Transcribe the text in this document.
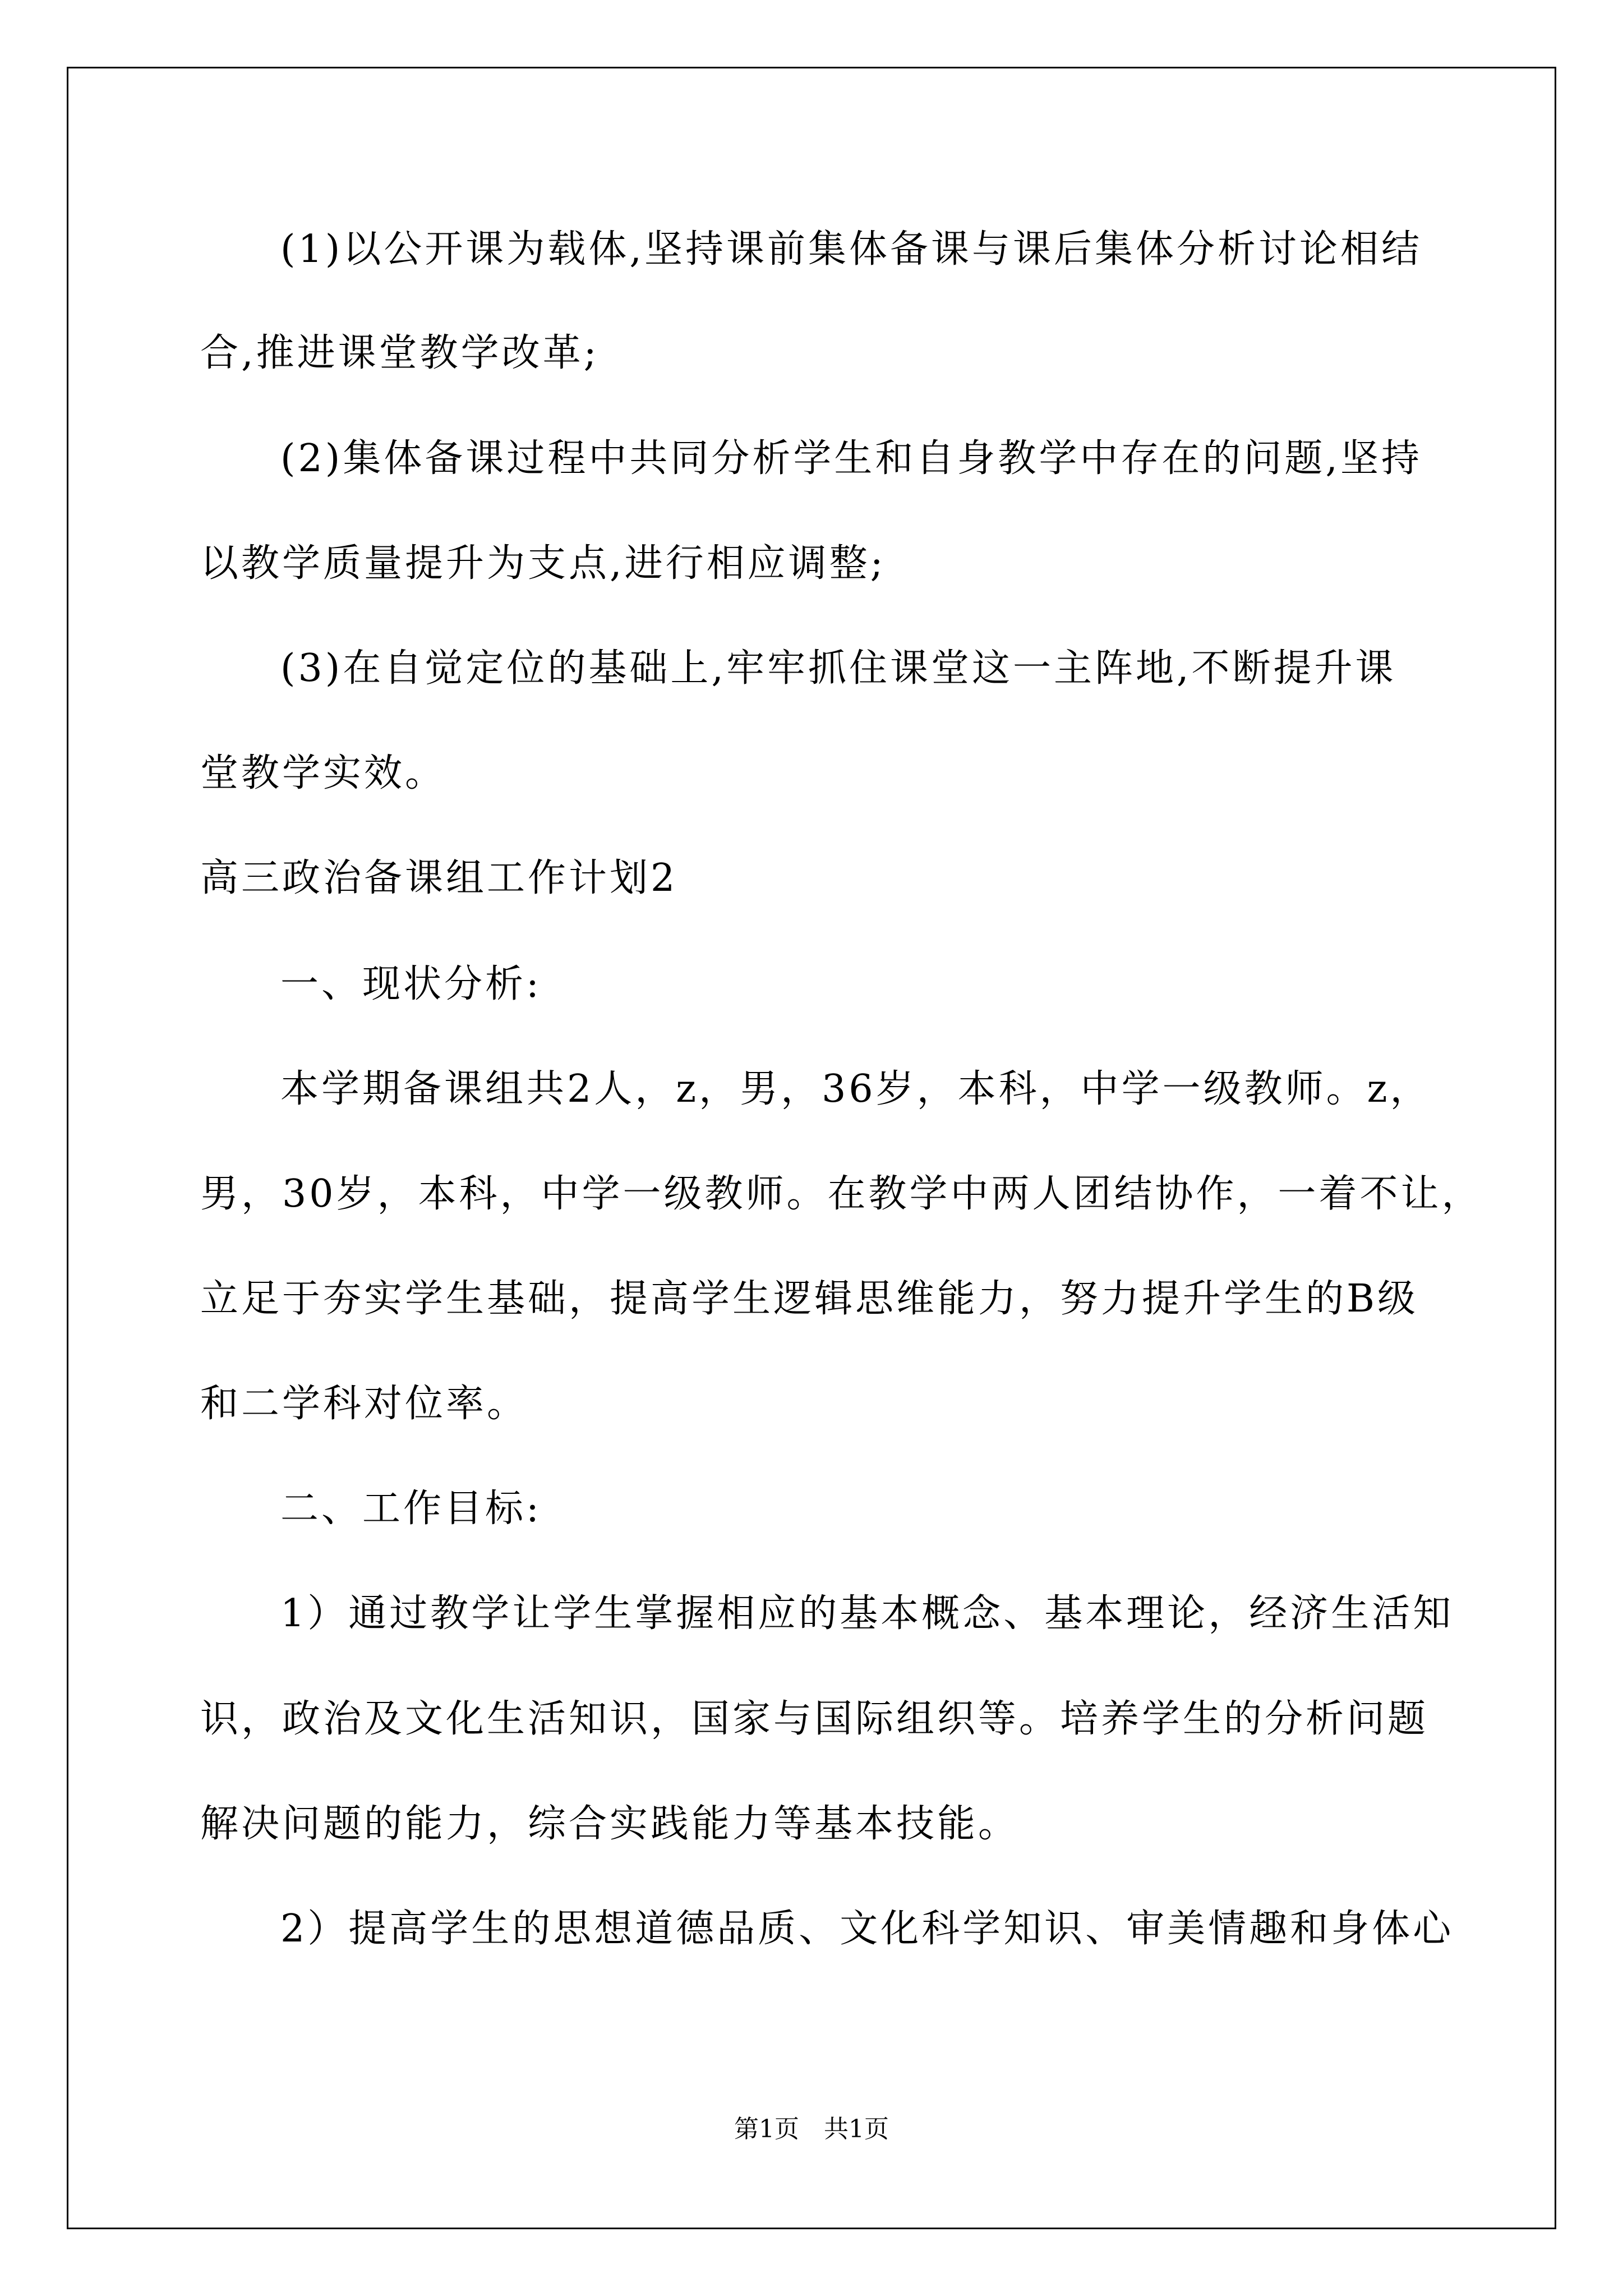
(1)以公开课为载体,坚持课前集体备课与课后集体分析讨论相结

合,推进课堂教学改革;

(2)集体备课过程中共同分析学生和自身教学中存在的问题,坚持

以教学质量提升为支点,进行相应调整;

(3)在自觉定位的基础上,牢牢抓住课堂这一主阵地,不断提升课

堂教学实效。

高三政治备课组工作计划2

一、现状分析:

本学期备课组共2人，z，男，36岁，本科，中学一级教师。z，

男，30岁，本科，中学一级教师。在教学中两人团结协作，一着不让，

立足于夯实学生基础，提高学生逻辑思维能力，努力提升学生的B级

和二学科对位率。

二、工作目标:

1）通过教学让学生掌握相应的基本概念、基本理论，经济生活知

识，政治及文化生活知识，国家与国际组织等。培养学生的分析问题

解决问题的能力，综合实践能力等基本技能。

2）提高学生的思想道德品质、文化科学知识、审美情趣和身体心

第1页　共1页
